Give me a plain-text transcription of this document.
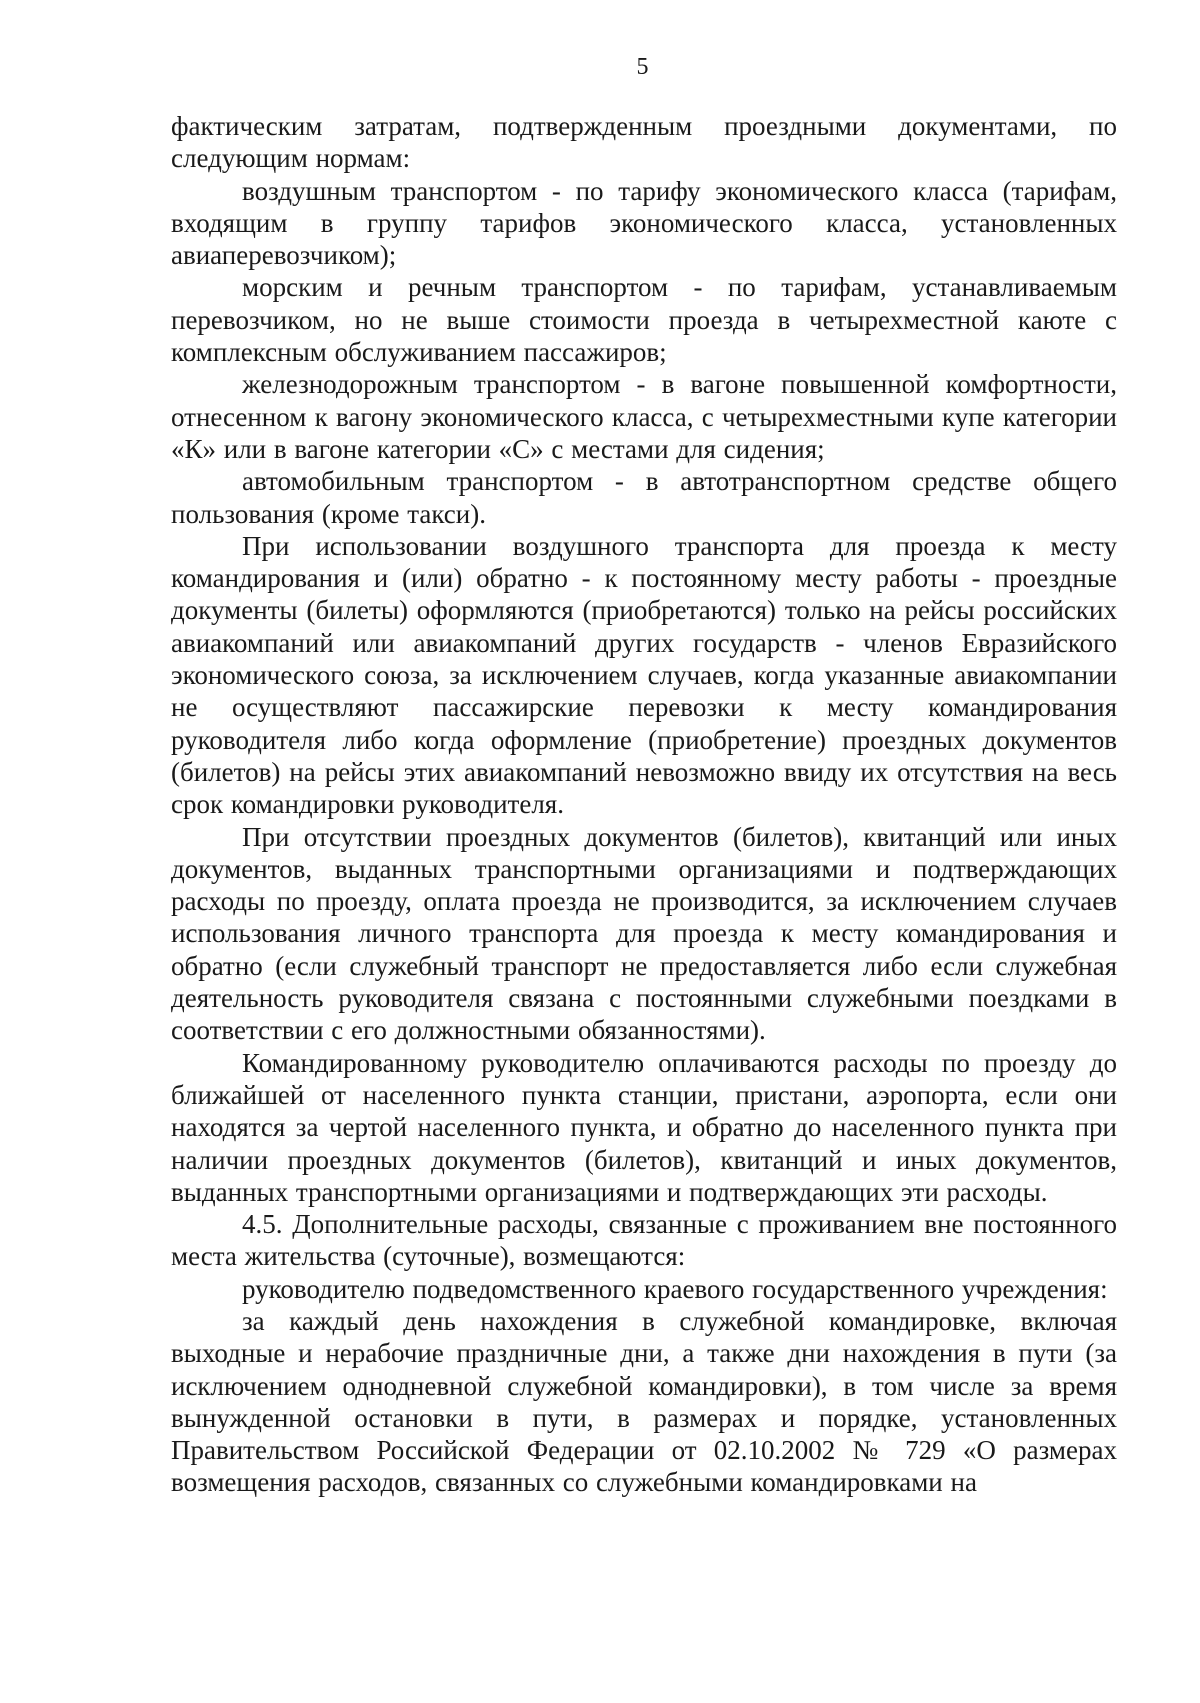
5

фактическим затратам, подтвержденным проездными документами, по следующим нормам:

воздушным транспортом - по тарифу экономического класса (тарифам, входящим в группу тарифов экономического класса, установленных авиаперевозчиком);

морским и речным транспортом - по тарифам, устанавливаемым перевозчиком, но не выше стоимости проезда в четырехместной каюте с комплексным обслуживанием пассажиров;

железнодорожным транспортом - в вагоне повышенной комфортности, отнесенном к вагону экономического класса, с четырехместными купе категории «К» или в вагоне категории «С» с местами для сидения;

автомобильным транспортом - в автотранспортном средстве общего пользования (кроме такси).

При использовании воздушного транспорта для проезда к месту командирования и (или) обратно - к постоянному месту работы - проездные документы (билеты) оформляются (приобретаются) только на рейсы российских авиакомпаний или авиакомпаний других государств - членов Евразийского экономического союза, за исключением случаев, когда указанные авиакомпании не осуществляют пассажирские перевозки к месту командирования руководителя либо когда оформление (приобретение) проездных документов (билетов) на рейсы этих авиакомпаний невозможно ввиду их отсутствия на весь срок командировки руководителя.

При отсутствии проездных документов (билетов), квитанций или иных документов, выданных транспортными организациями и подтверждающих расходы по проезду, оплата проезда не производится, за исключением случаев использования личного транспорта для проезда к месту командирования и обратно (если служебный транспорт не предоставляется либо если служебная деятельность руководителя связана с постоянными служебными поездками в соответствии с его должностными обязанностями).

Командированному руководителю оплачиваются расходы по проезду до ближайшей от населенного пункта станции, пристани, аэропорта, если они находятся за чертой населенного пункта, и обратно до населенного пункта при наличии проездных документов (билетов), квитанций и иных документов, выданных транспортными организациями и подтверждающих эти расходы.

4.5. Дополнительные расходы, связанные с проживанием вне постоянного места жительства (суточные), возмещаются:

руководителю подведомственного краевого государственного учреждения:

за каждый день нахождения в служебной командировке, включая выходные и нерабочие праздничные дни, а также дни нахождения в пути (за исключением однодневной служебной командировки), в том числе за время вынужденной остановки в пути, в размерах и порядке, установленных Правительством Российской Федерации от 02.10.2002 № 729 «О размерах возмещения расходов, связанных со служебными командировками на
